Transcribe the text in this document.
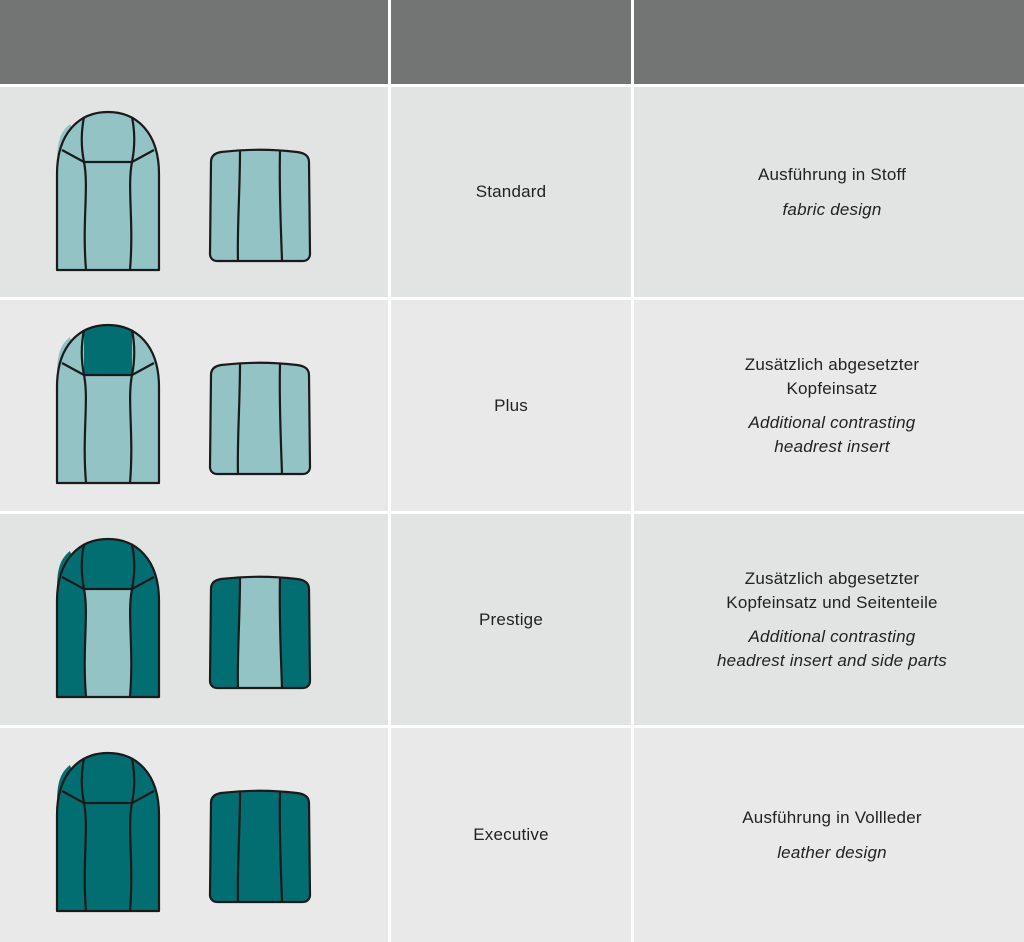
Standard
Ausführung in Stoff
fabric design
Plus
Zusätzlich abgesetzter
Kopfeinsatz
Additional contrasting
headrest insert
Prestige
Zusätzlich abgesetzter
Kopfeinsatz und Seitenteile
Additional contrasting
headrest insert and side parts
Executive
Ausführung in Vollleder
leather design
